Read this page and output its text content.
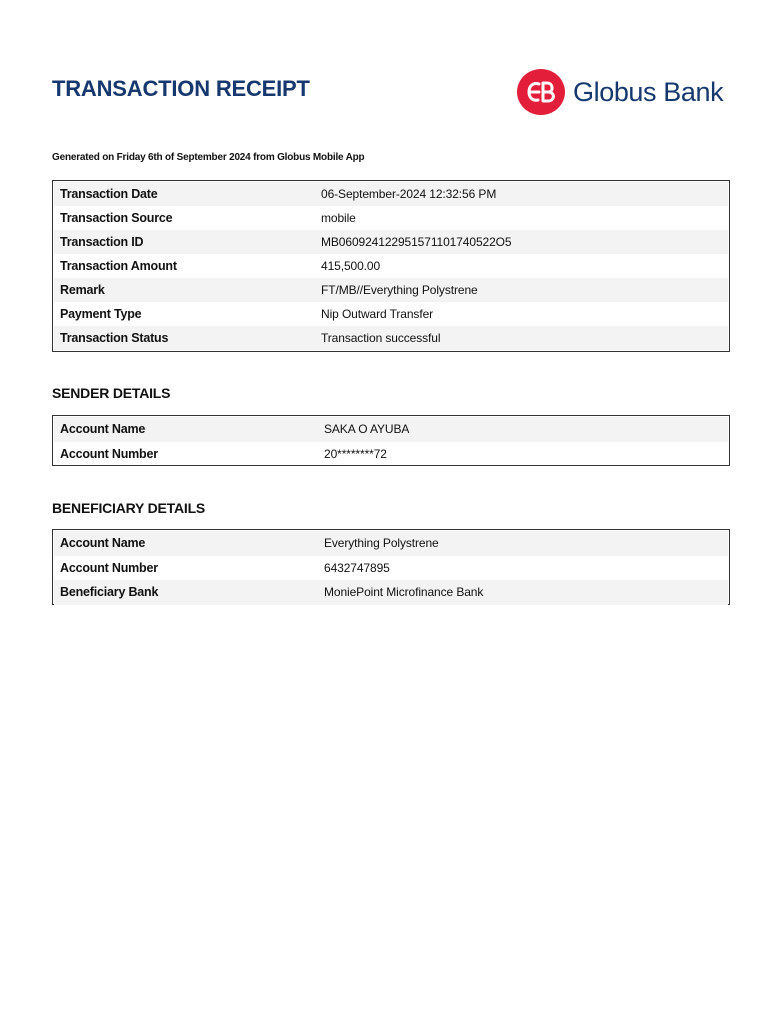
TRANSACTION RECEIPT	Globus Bank
Generated on Friday 6th of September 2024 from Globus Mobile App
Transaction Date	06-September-2024 12:32:56 PM
Transaction Source	mobile
Transaction ID	MB060924122951571101740522O5
Transaction Amount	415,500.00
Remark	FT/MB//Everything Polystrene
Payment Type	Nip Outward Transfer
Transaction Status	Transaction successful
SENDER DETAILS
Account Name	SAKA O AYUBA
Account Number	20********72
BENEFICIARY DETAILS
Account Name	Everything Polystrene
Account Number	6432747895
Beneficiary Bank	MoniePoint Microfinance Bank
